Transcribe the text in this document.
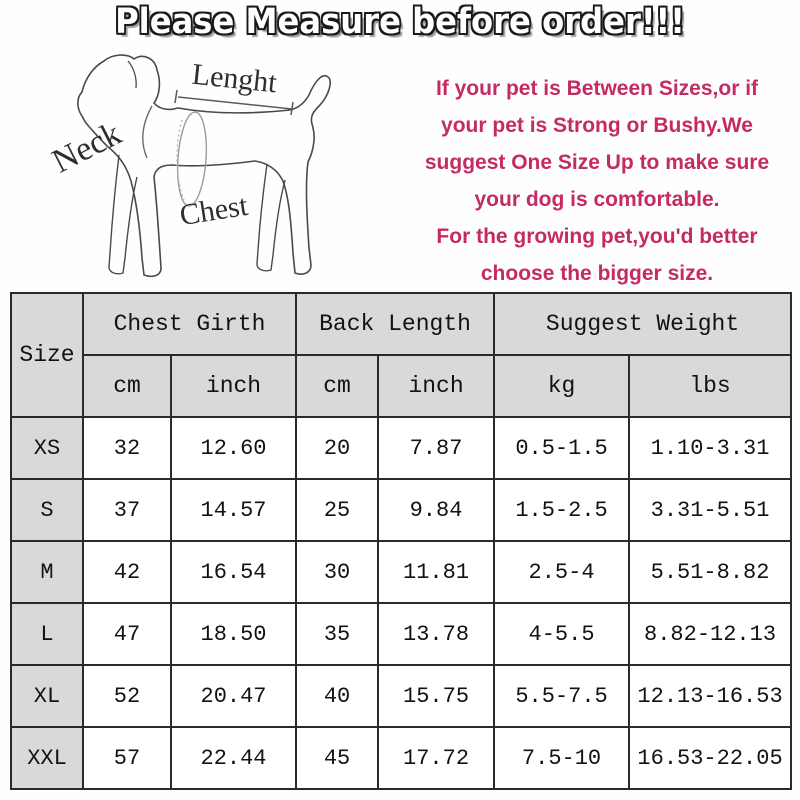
Please Measure before order!!!
Lenght
Neck
Chest

If your pet is Between Sizes,or if

your pet is Strong or Bushy.We

suggest One Size Up to make sure

your dog is comfortable.

For the growing pet,you'd better

choose the bigger size.

Size	Chest Girth		Back Length		Suggest Weight	
	cm	inch	cm	inch	kg	lbs
XS	32	12.60	20	7.87	0.5-1.5	1.10-3.31
S	37	14.57	25	9.84	1.5-2.5	3.31-5.51
M	42	16.54	30	11.81	2.5-4	5.51-8.82
L	47	18.50	35	13.78	4-5.5	8.82-12.13
XL	52	20.47	40	15.75	5.5-7.5	12.13-16.53
XXL	57	22.44	45	17.72	7.5-10	16.53-22.05
